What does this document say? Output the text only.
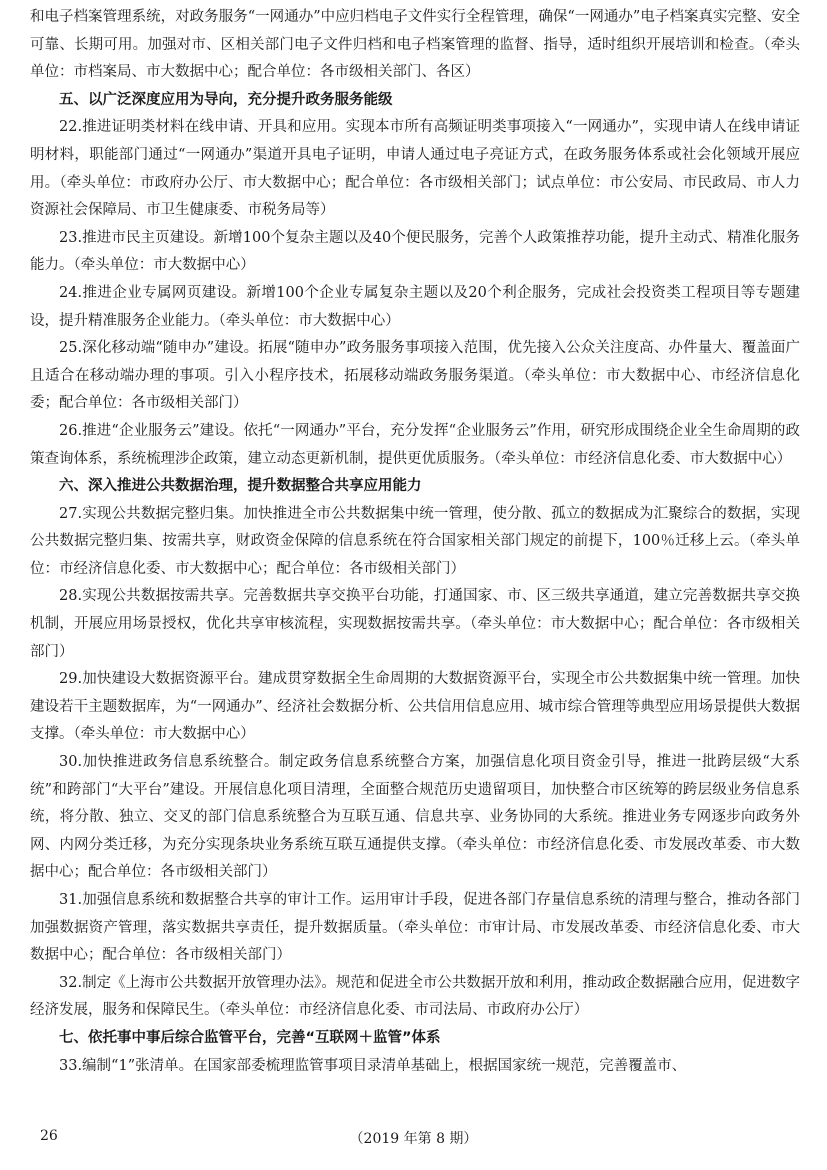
和电子档案管理系统，对政务服务“一网通办”中应归档电子文件实行全程管理，确保“一网通办”电子档案真实完整、安全可靠、长期可用。加强对市、区相关部门电子文件归档和电子档案管理的监督、指导，适时组织开展培训和检查。（牵头单位：市档案局、市大数据中心；配合单位：各市级相关部门、各区）

五、以广泛深度应用为导向，充分提升政务服务能级

22.推进证明类材料在线申请、开具和应用。实现本市所有高频证明类事项接入“一网通办”，实现申请人在线申请证明材料，职能部门通过“一网通办”渠道开具电子证明，申请人通过电子亮证方式，在政务服务体系或社会化领域开展应用。（牵头单位：市政府办公厅、市大数据中心；配合单位：各市级相关部门；试点单位：市公安局、市民政局、市人力资源社会保障局、市卫生健康委、市税务局等）

23.推进市民主页建设。新增100个复杂主题以及40个便民服务，完善个人政策推荐功能，提升主动式、精准化服务能力。（牵头单位：市大数据中心）

24.推进企业专属网页建设。新增100个企业专属复杂主题以及20个利企服务，完成社会投资类工程项目等专题建设，提升精准服务企业能力。（牵头单位：市大数据中心）

25.深化移动端“随申办”建设。拓展“随申办”政务服务事项接入范围，优先接入公众关注度高、办件量大、覆盖面广且适合在移动端办理的事项。引入小程序技术，拓展移动端政务服务渠道。（牵头单位：市大数据中心、市经济信息化委；配合单位：各市级相关部门）

26.推进“企业服务云”建设。依托“一网通办”平台，充分发挥“企业服务云”作用，研究形成围绕企业全生命周期的政策查询体系，系统梳理涉企政策，建立动态更新机制，提供更优质服务。（牵头单位：市经济信息化委、市大数据中心）

六、深入推进公共数据治理，提升数据整合共享应用能力

27.实现公共数据完整归集。加快推进全市公共数据集中统一管理，使分散、孤立的数据成为汇聚综合的数据，实现公共数据完整归集、按需共享，财政资金保障的信息系统在符合国家相关部门规定的前提下，100％迁移上云。（牵头单位：市经济信息化委、市大数据中心；配合单位：各市级相关部门）

28.实现公共数据按需共享。完善数据共享交换平台功能，打通国家、市、区三级共享通道，建立完善数据共享交换机制，开展应用场景授权，优化共享审核流程，实现数据按需共享。（牵头单位：市大数据中心；配合单位：各市级相关部门）

29.加快建设大数据资源平台。建成贯穿数据全生命周期的大数据资源平台，实现全市公共数据集中统一管理。加快建设若干主题数据库，为“一网通办”、经济社会数据分析、公共信用信息应用、城市综合管理等典型应用场景提供大数据支撑。（牵头单位：市大数据中心）

30.加快推进政务信息系统整合。制定政务信息系统整合方案，加强信息化项目资金引导，推进一批跨层级“大系统”和跨部门“大平台”建设。开展信息化项目清理，全面整合规范历史遗留项目，加快整合市区统筹的跨层级业务信息系统，将分散、独立、交叉的部门信息系统整合为互联互通、信息共享、业务协同的大系统。推进业务专网逐步向政务外网、内网分类迁移，为充分实现条块业务系统互联互通提供支撑。（牵头单位：市经济信息化委、市发展改革委、市大数据中心；配合单位：各市级相关部门）

31.加强信息系统和数据整合共享的审计工作。运用审计手段，促进各部门存量信息系统的清理与整合，推动各部门加强数据资产管理，落实数据共享责任，提升数据质量。（牵头单位：市审计局、市发展改革委、市经济信息化委、市大数据中心；配合单位：各市级相关部门）

32.制定《上海市公共数据开放管理办法》。规范和促进全市公共数据开放和利用，推动政企数据融合应用，促进数字经济发展，服务和保障民生。（牵头单位：市经济信息化委、市司法局、市政府办公厅）

七、依托事中事后综合监管平台，完善“互联网＋监管”体系

33.编制“1”张清单。在国家部委梳理监管事项目录清单基础上，根据国家统一规范，完善覆盖市、

26	（2019 年第 8 期）
